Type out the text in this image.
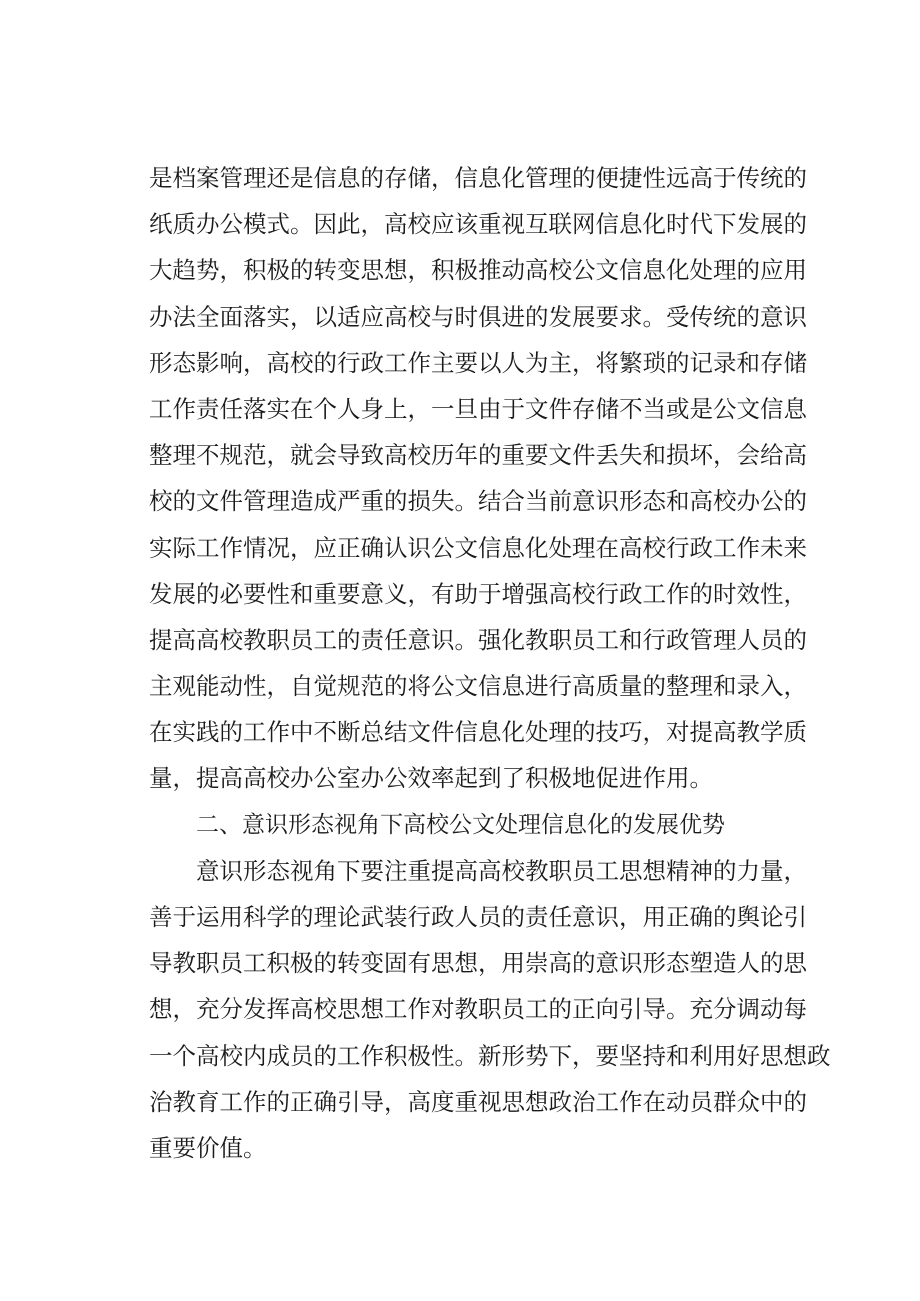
是档案管理还是信息的存储，信息化管理的便捷性远高于传统的
纸质办公模式。因此，高校应该重视互联网信息化时代下发展的
大趋势，积极的转变思想，积极推动高校公文信息化处理的应用
办法全面落实，以适应高校与时俱进的发展要求。受传统的意识
形态影响，高校的行政工作主要以人为主，将繁琐的记录和存储
工作责任落实在个人身上，一旦由于文件存储不当或是公文信息
整理不规范，就会导致高校历年的重要文件丢失和损坏，会给高
校的文件管理造成严重的损失。结合当前意识形态和高校办公的
实际工作情况，应正确认识公文信息化处理在高校行政工作未来
发展的必要性和重要意义，有助于增强高校行政工作的时效性，
提高高校教职员工的责任意识。强化教职员工和行政管理人员的
主观能动性，自觉规范的将公文信息进行高质量的整理和录入，
在实践的工作中不断总结文件信息化处理的技巧，对提高教学质
量，提高高校办公室办公效率起到了积极地促进作用。
二、意识形态视角下高校公文处理信息化的发展优势
意识形态视角下要注重提高高校教职员工思想精神的力量，
善于运用科学的理论武装行政人员的责任意识，用正确的舆论引
导教职员工积极的转变固有思想，用崇高的意识形态塑造人的思
想，充分发挥高校思想工作对教职员工的正向引导。充分调动每
一个高校内成员的工作积极性。新形势下，要坚持和利用好思想政
治教育工作的正确引导，高度重视思想政治工作在动员群众中的
重要价值。
